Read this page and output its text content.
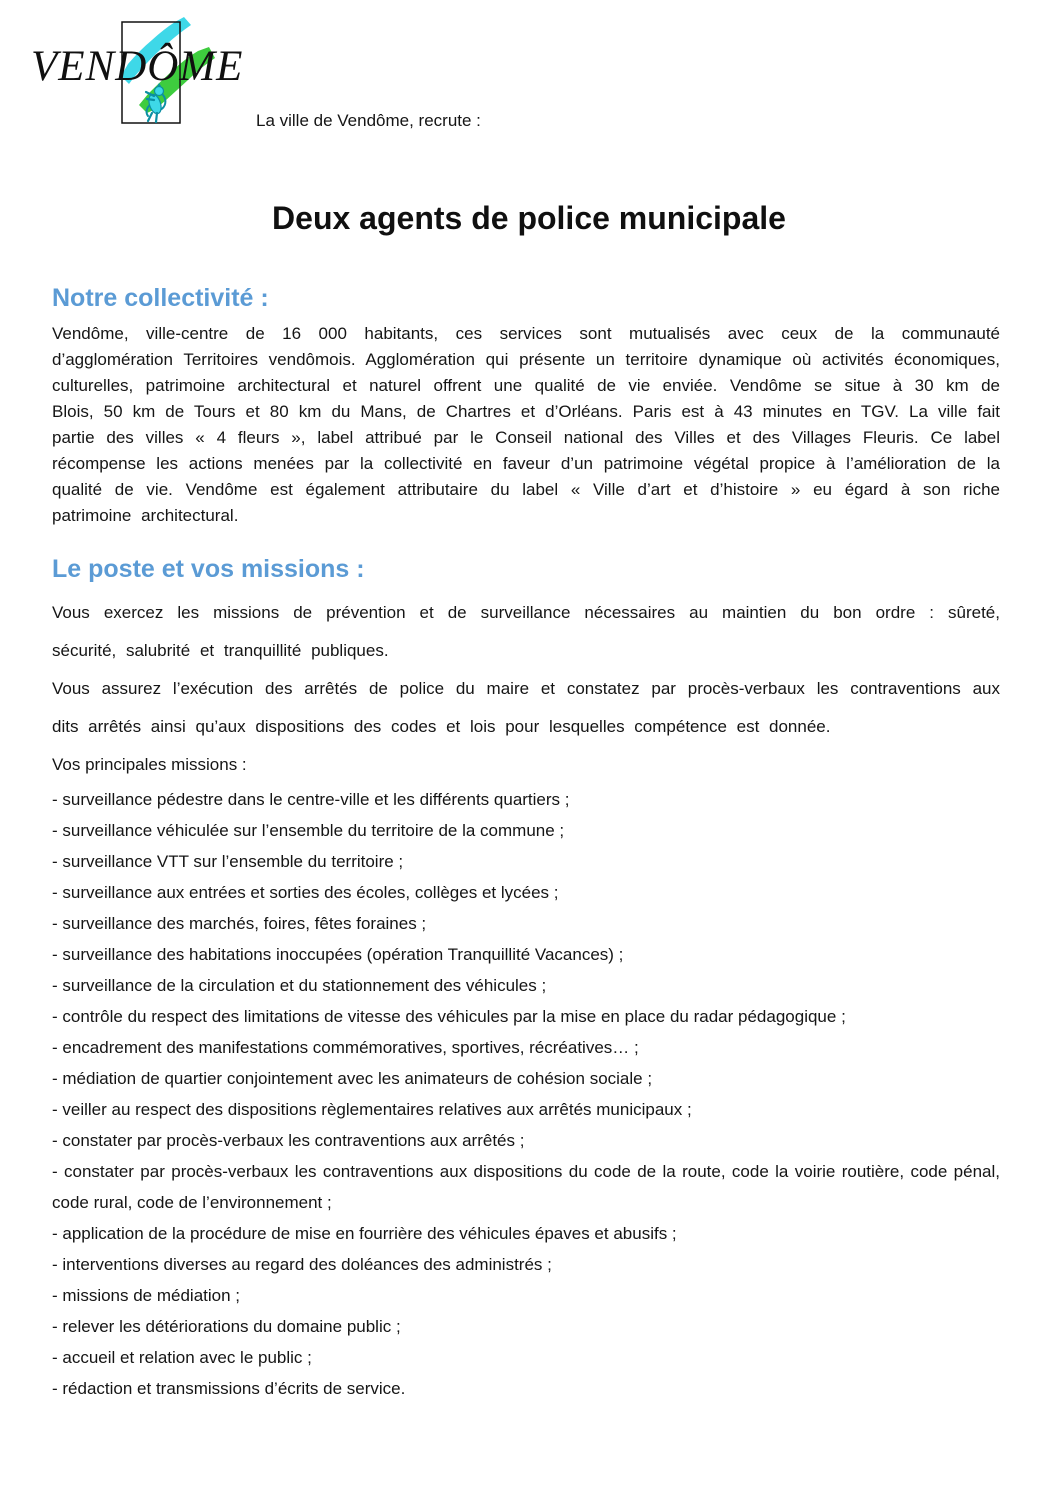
VENDÔME
La ville de Vendôme, recrute :
Deux agents de police municipale
Notre collectivité :

Vendôme, ville-centre de 16 000 habitants, ces services sont mutualisés avec ceux de la communauté d’agglomération Territoires vendômois. Agglomération qui présente un territoire dynamique où activités économiques, culturelles, patrimoine architectural et naturel offrent une qualité de vie enviée. Vendôme se situe à 30 km de Blois, 50 km de Tours et 80 km du Mans, de Chartres et d’Orléans. Paris est à 43 minutes en TGV. La ville fait partie des villes « 4 fleurs », label attribué par le Conseil national des Villes et des Villages Fleuris. Ce label récompense les actions menées par la collectivité en faveur d’un patrimoine végétal propice à l’amélioration de la qualité de vie. Vendôme est également attributaire du label « Ville d’art et d’histoire » eu égard à son riche patrimoine architectural.

Le poste et vos missions :

Vous exercez les missions de prévention et de surveillance nécessaires au maintien du bon ordre : sûreté, sécurité, salubrité et tranquillité publiques.

Vous assurez l’exécution des arrêtés de police du maire et constatez par procès-verbaux les contraventions aux dits arrêtés ainsi qu’aux dispositions des codes et lois pour lesquelles compétence est donnée.

Vos principales missions :

- surveillance pédestre dans le centre-ville et les différents quartiers ;
- surveillance véhiculée sur l’ensemble du territoire de la commune ;
- surveillance VTT sur l’ensemble du territoire ;
- surveillance aux entrées et sorties des écoles, collèges et lycées ;
- surveillance des marchés, foires, fêtes foraines ;
- surveillance des habitations inoccupées (opération Tranquillité Vacances) ;
- surveillance de la circulation et du stationnement des véhicules ;
- contrôle du respect des limitations de vitesse des véhicules par la mise en place du radar pédagogique ;
- encadrement des manifestations commémoratives, sportives, récréatives… ;
- médiation de quartier conjointement avec les animateurs de cohésion sociale ;
- veiller au respect des dispositions règlementaires relatives aux arrêtés municipaux ;
- constater par procès-verbaux les contraventions aux arrêtés ;
- constater par procès-verbaux les contraventions aux dispositions du code de la route, code la voirie routière, code pénal, code rural, code de l’environnement ;
- application de la procédure de mise en fourrière des véhicules épaves et abusifs ;
- interventions diverses au regard des doléances des administrés ;
- missions de médiation ;
- relever les détériorations du domaine public ;
- accueil et relation avec le public ;
- rédaction et transmissions d’écrits de service.
